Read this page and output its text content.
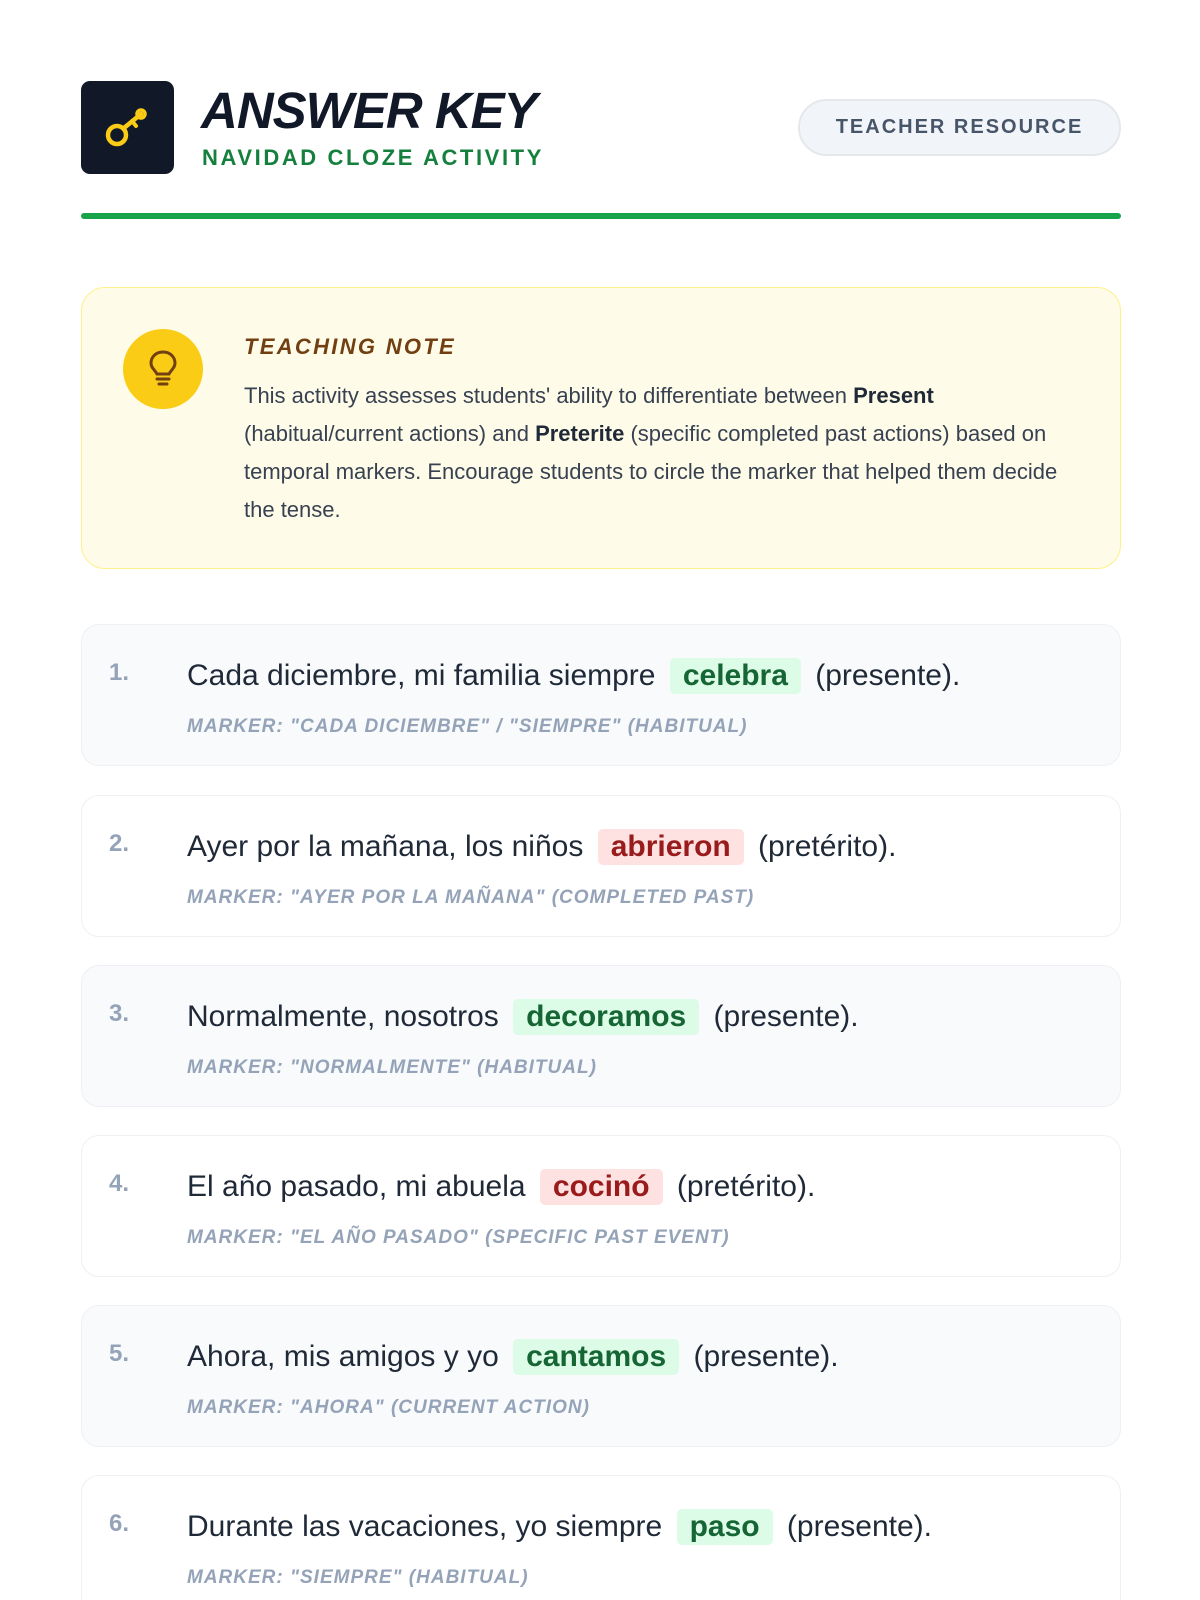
ANSWER KEY
NAVIDAD CLOZE ACTIVITY
TEACHER RESOURCE
TEACHING NOTE
This activity assesses students' ability to differentiate between Present (habitual/current actions) and Preterite (specific completed past actions) based on temporal markers. Encourage students to circle the marker that helped them decide the tense.
1. Cada diciembre, mi familia siempre celebra (presente).
MARKER: "CADA DICIEMBRE" / "SIEMPRE" (HABITUAL)
2. Ayer por la mañana, los niños abrieron (pretérito).
MARKER: "AYER POR LA MAÑANA" (COMPLETED PAST)
3. Normalmente, nosotros decoramos (presente).
MARKER: "NORMALMENTE" (HABITUAL)
4. El año pasado, mi abuela cocinó (pretérito).
MARKER: "EL AÑO PASADO" (SPECIFIC PAST EVENT)
5. Ahora, mis amigos y yo cantamos (presente).
MARKER: "AHORA" (CURRENT ACTION)
6. Durante las vacaciones, yo siempre paso (presente).
MARKER: "SIEMPRE" (HABITUAL)
